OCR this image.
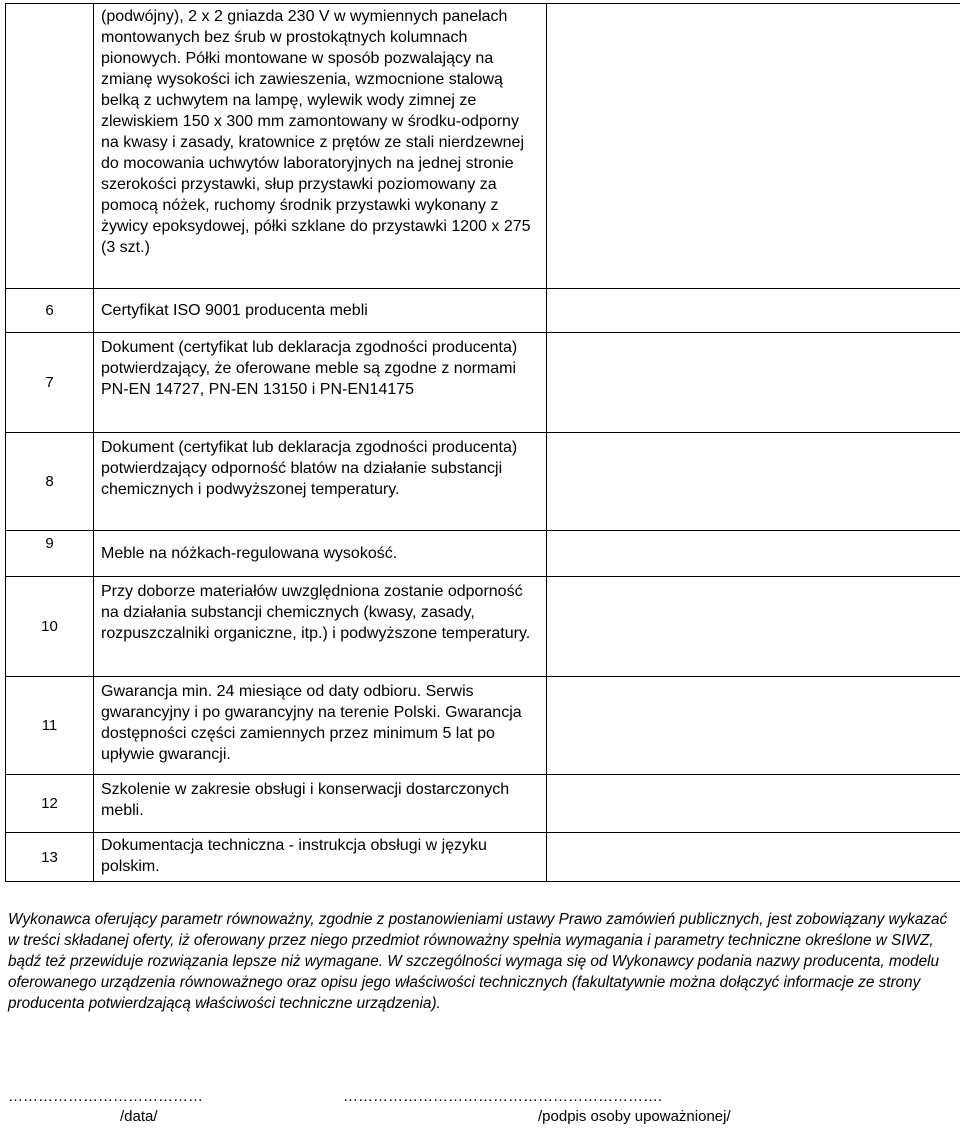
	(podwójny), 2 x 2 gniazda 230 V w wymiennych panelach montowanych bez śrub w prostokątnych kolumnach pionowych. Półki montowane w sposób pozwalający na zmianę wysokości ich zawieszenia, wzmocnione stalową belką z uchwytem na lampę, wylewik wody zimnej ze zlewiskiem 150 x 300 mm zamontowany w środku-odporny na kwasy i zasady, kratownice z prętów ze stali nierdzewnej do mocowania uchwytów laboratoryjnych na jednej stronie szerokości przystawki, słup przystawki poziomowany za pomocą nóżek, ruchomy środnik przystawki wykonany z żywicy epoksydowej, półki szklane do przystawki 1200 x 275 (3 szt.)	
6	Certyfikat ISO 9001 producenta mebli	
7	Dokument (certyfikat lub deklaracja zgodności producenta) potwierdzający, że oferowane meble są zgodne z normami PN-EN 14727, PN-EN 13150 i PN-EN14175	
8	Dokument (certyfikat lub deklaracja zgodności producenta) potwierdzający odporność blatów na działanie substancji chemicznych i podwyższonej temperatury.	
9	Meble na nóżkach-regulowana wysokość.	
10	Przy doborze materiałów uwzględniona zostanie odporność na działania substancji chemicznych (kwasy, zasady, rozpuszczalniki organiczne, itp.) i podwyższone temperatury.	
11	Gwarancja min. 24 miesiące od daty odbioru. Serwis gwarancyjny i po gwarancyjny na terenie Polski. Gwarancja dostępności części zamiennych przez minimum 5 lat po upływie gwarancji.	
12	Szkolenie w zakresie obsługi i konserwacji dostarczonych mebli.	
13	Dokumentacja techniczna - instrukcja obsługi w języku polskim.	

Wykonawca oferujący parametr równoważny, zgodnie z postanowieniami ustawy Prawo zamówień publicznych, jest zobowiązany wykazać w treści składanej oferty, iż oferowany przez niego przedmiot równoważny spełnia wymagania i parametry techniczne określone w SIWZ, bądź też przewiduje rozwiązania lepsze niż wymagane. W szczególności wymaga się od Wykonawcy podania nazwy producenta, modelu oferowanego urządzenia równoważnego oraz opisu jego właściwości technicznych (fakultatywnie można dołączyć informacje ze strony producenta potwierdzającą właściwości techniczne urządzenia).

…………………………………	……………………………………………………….
/data/	/podpis osoby upoważnionej/
